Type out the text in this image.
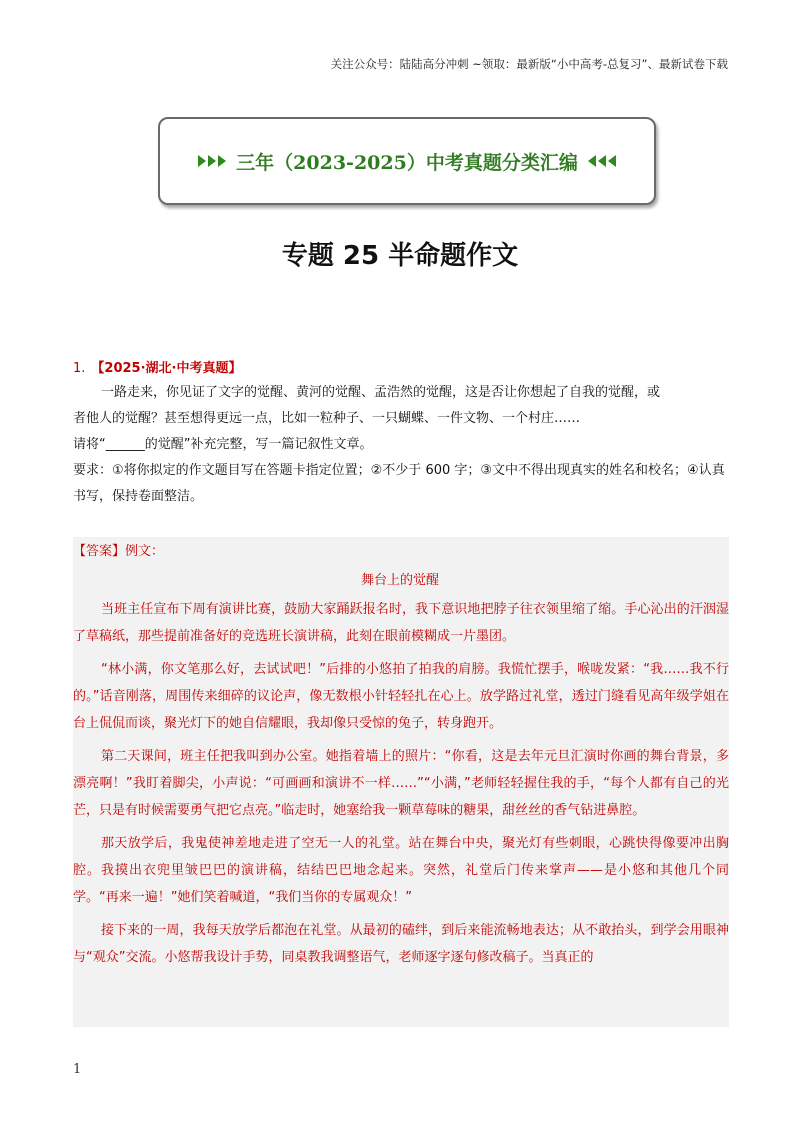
关注公众号：陆陆高分冲刺 ~领取：最新版“小中高考-总复习”、最新试卷下载
三年（2023-2025）中考真题分类汇编
专题 25 半命题作文
1. 【2025·湖北·中考真题】
一路走来，你见证了文字的觉醒、黄河的觉醒、孟浩然的觉醒，这是否让你想起了自我的觉醒，或
者他人的觉醒？甚至想得更远一点，比如一粒种子、一只蝴蝶、一件文物、一个村庄……
请将“______的觉醒”补充完整，写一篇记叙性文章。
要求：①将你拟定的作文题目写在答题卡指定位置；②不少于 600 字；③文中不得出现真实的姓名和校名；④认真书写，保持卷面整洁。
【答案】例文：
舞台上的觉醒

当班主任宣布下周有演讲比赛，鼓励大家踊跃报名时，我下意识地把脖子往衣领里缩了缩。手心沁出的汗洇湿了草稿纸，那些提前准备好的竞选班长演讲稿，此刻在眼前模糊成一片墨团。

“林小满，你文笔那么好，去试试吧！”后排的小悠拍了拍我的肩膀。我慌忙摆手，喉咙发紧：“我……我不行的。”话音刚落，周围传来细碎的议论声，像无数根小针轻轻扎在心上。放学路过礼堂，透过门缝看见高年级学姐在台上侃侃而谈，聚光灯下的她自信耀眼，我却像只受惊的兔子，转身跑开。

第二天课间，班主任把我叫到办公室。她指着墙上的照片：“你看，这是去年元旦汇演时你画的舞台背景，多漂亮啊！”我盯着脚尖，小声说：“可画画和演讲不一样……”“小满，”老师轻轻握住我的手，“每个人都有自己的光芒，只是有时候需要勇气把它点亮。”临走时，她塞给我一颗草莓味的糖果，甜丝丝的香气钻进鼻腔。

那天放学后，我鬼使神差地走进了空无一人的礼堂。站在舞台中央，聚光灯有些刺眼，心跳快得像要冲出胸腔。我摸出衣兜里皱巴巴的演讲稿，结结巴巴地念起来。突然，礼堂后门传来掌声——是小悠和其他几个同学。“再来一遍！”她们笑着喊道，“我们当你的专属观众！”

接下来的一周，我每天放学后都泡在礼堂。从最初的磕绊，到后来能流畅地表达；从不敢抬头，到学会用眼神与“观众”交流。小悠帮我设计手势，同桌教我调整语气，老师逐字逐句修改稿子。当真正的

1
